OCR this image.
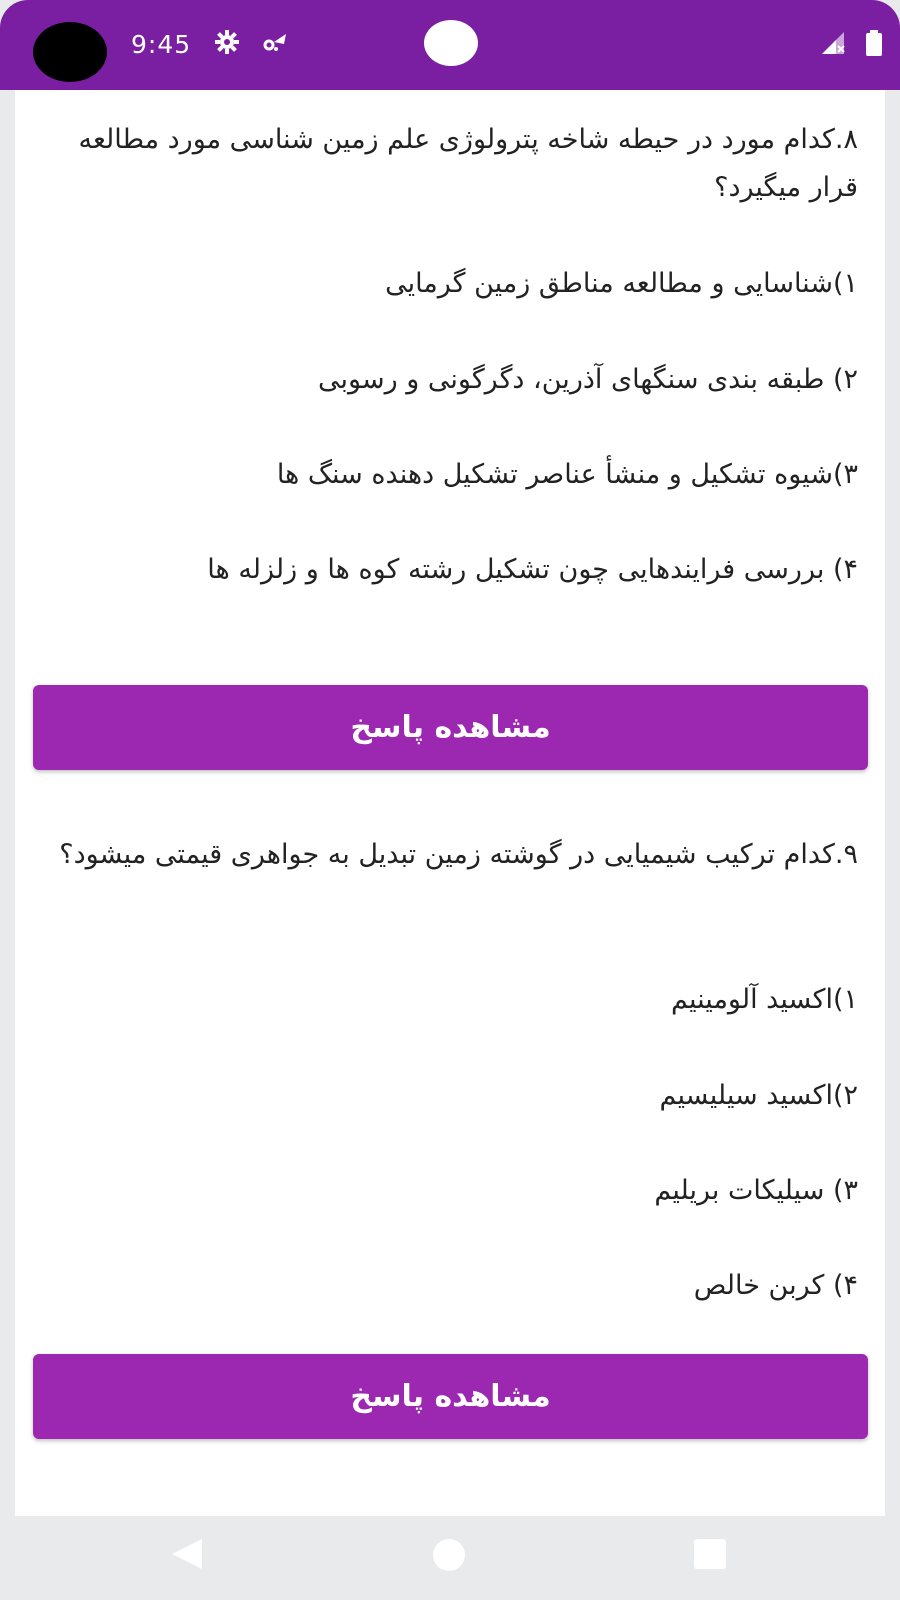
9:45
۸.کدام مورد در حیطه شاخه پترولوژی علم زمین شناسی مورد مطالعه قرار میگیرد؟
۱)شناسایی و مطالعه مناطق زمین گرمایی
۲) طبقه بندی سنگهای آذرین، دگرگونی و رسوبی
۳)شیوه تشکیل و منشأ عناصر تشکیل دهنده سنگ ها
۴) بررسی فرایندهایی چون تشکیل رشته کوه ها و زلزله ها
مشاهده پاسخ
۹.کدام ترکیب شیمیایی در گوشته زمین تبدیل به جواهری قیمتی میشود؟
۱)اکسید آلومینیم
۲)اکسید سیلیسیم
۳) سیلیکات بریلیم
۴) کربن خالص
مشاهده پاسخ
